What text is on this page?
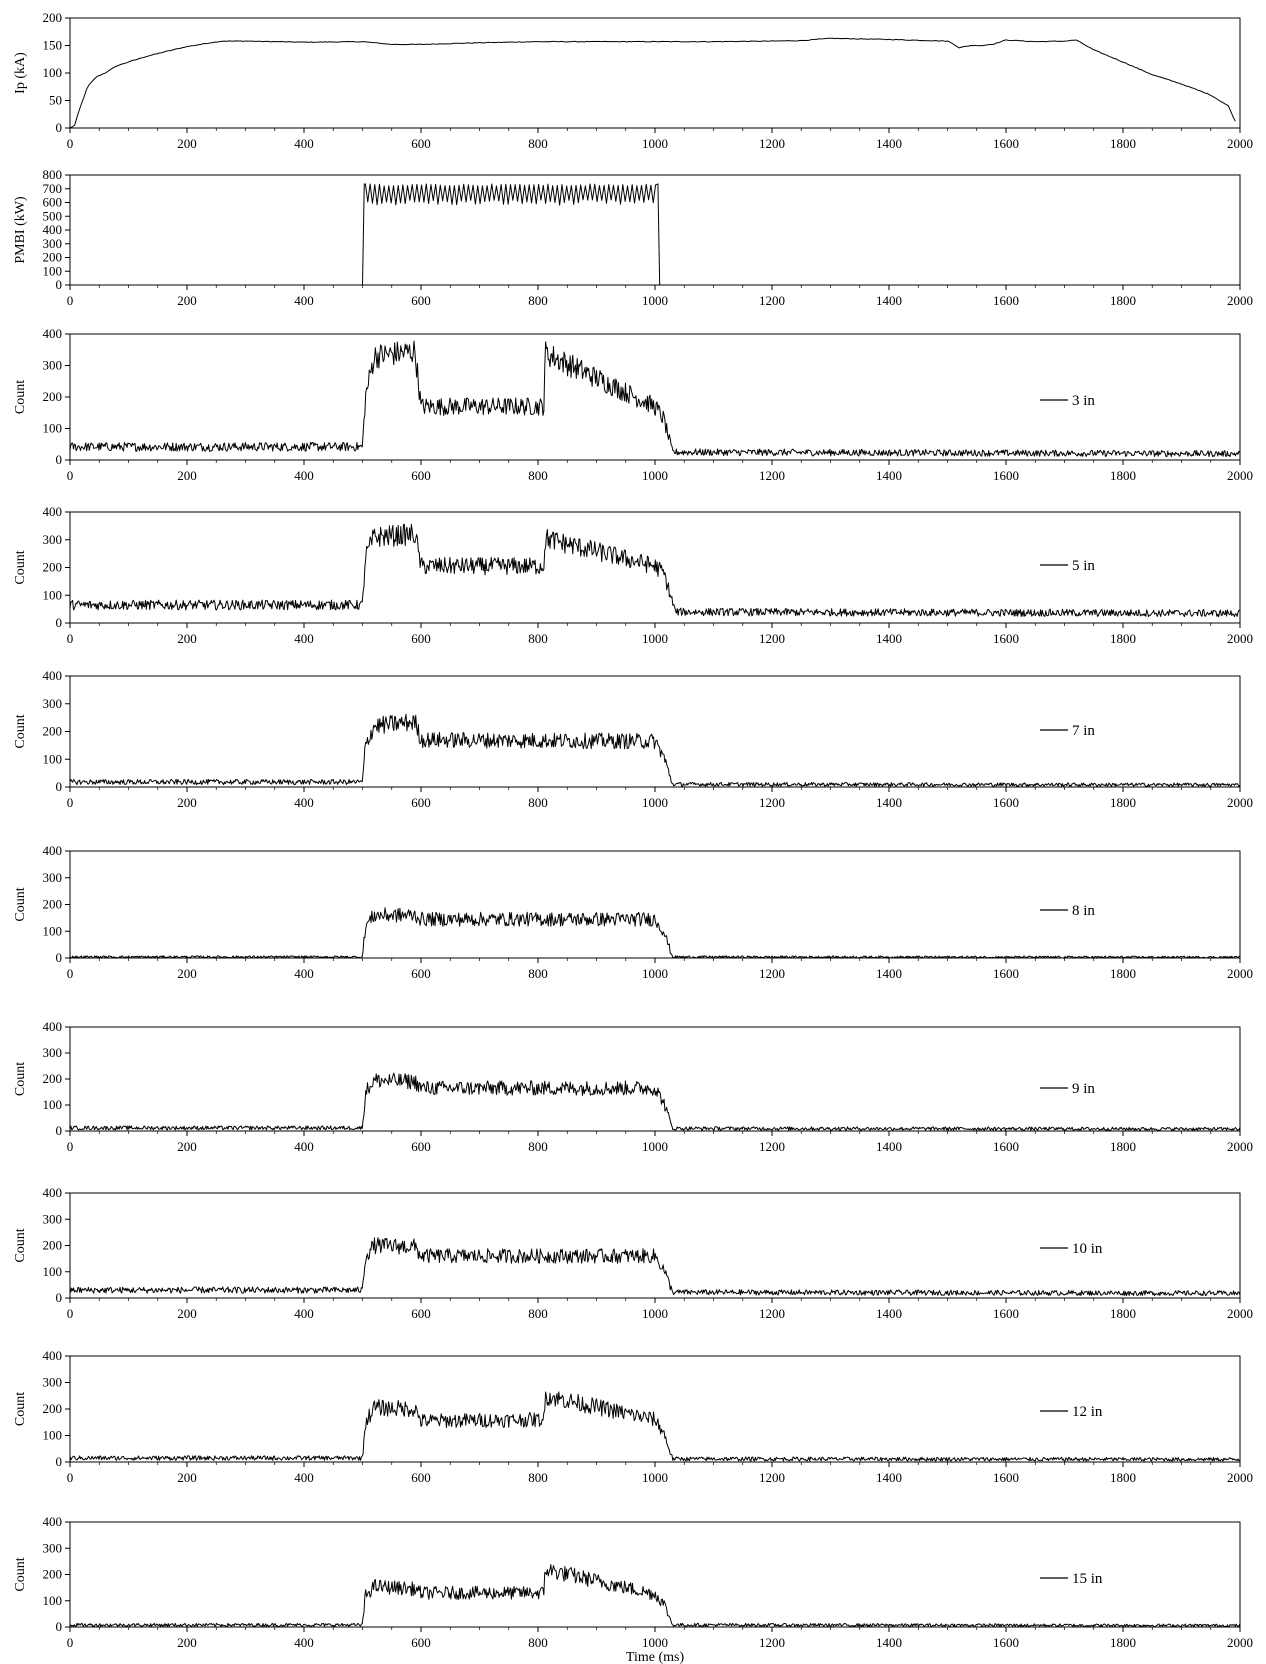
0	200	400	600	800	1000	1200	1400	1600	1800	2000
0
50
100
150
200
Ip (kA)
0	200	400	600	800	1000	1200	1400	1600	1800	2000
0
100
200
300
400
500
600
700
800
PMBI (kW)
0	200	400	600	800	1000	1200	1400	1600	1800	2000
0
100
200
300
400
Count	3 in
0	200	400	600	800	1000	1200	1400	1600	1800	2000
0
100
200
300
400
Count	5 in
0	200	400	600	800	1000	1200	1400	1600	1800	2000
0
100
200
300
400
Count	7 in
0	200	400	600	800	1000	1200	1400	1600	1800	2000
0
100
200
300
400
Count	8 in
0	200	400	600	800	1000	1200	1400	1600	1800	2000
0
100
200
300
400
Count	9 in
0	200	400	600	800	1000	1200	1400	1600	1800	2000
0
100
200
300
400
Count	10 in
0	200	400	600	800	1000	1200	1400	1600	1800	2000
0
100
200
300
400
Count	12 in
0	200	400	600	800	1000	1200	1400	1600	1800	2000
0
100
200
300
400
Count
Time (ms)
15 in
